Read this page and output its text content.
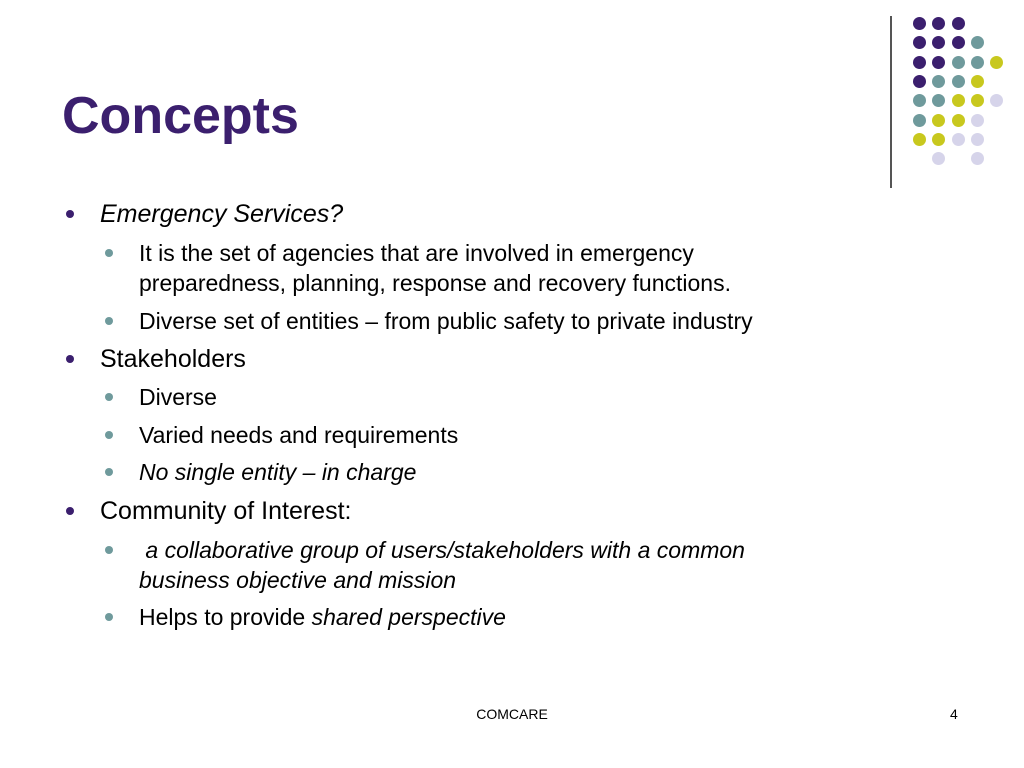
Concepts
Emergency Services?
It is the set of agencies that are involved in emergency
preparedness, planning, response and recovery functions.
Diverse set of entities – from public safety to private industry
Stakeholders
Diverse
Varied needs and requirements
No single entity – in charge
Community of Interest:
a collaborative group of users/stakeholders with a common
business objective and mission
Helps to provide shared perspective
COMCARE	4
